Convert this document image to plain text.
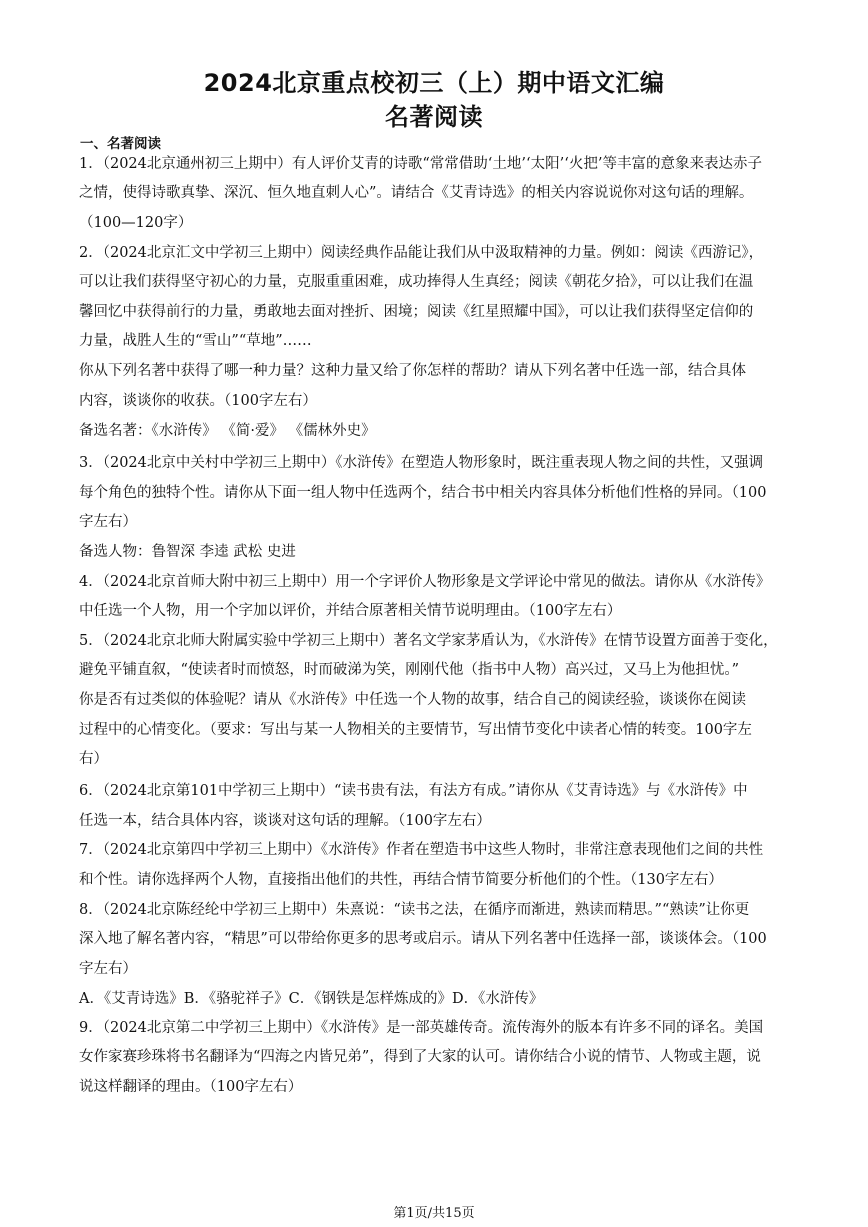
2024北京重点校初三（上）期中语文汇编
名著阅读
一、名著阅读
1．（2024北京通州初三上期中）有人评价艾青的诗歌“常常借助‘土地’‘太阳’‘火把’等丰富的意象来表达赤子
之情，使得诗歌真挚、深沉、恒久地直刺人心”。请结合《艾青诗选》的相关内容说说你对这句话的理解。
（100—120字）
2．（2024北京汇文中学初三上期中）阅读经典作品能让我们从中汲取精神的力量。例如：阅读《西游记》，
可以让我们获得坚守初心的力量，克服重重困难，成功捧得人生真经；阅读《朝花夕拾》，可以让我们在温
馨回忆中获得前行的力量，勇敢地去面对挫折、困境；阅读《红星照耀中国》，可以让我们获得坚定信仰的
力量，战胜人生的“雪山”“草地”……
你从下列名著中获得了哪一种力量？这种力量又给了你怎样的帮助？请从下列名著中任选一部，结合具体
内容，谈谈你的收获。（100字左右）
备选名著：《水浒传》 《简·爱》 《儒林外史》
3．（2024北京中关村中学初三上期中）《水浒传》在塑造人物形象时，既注重表现人物之间的共性，又强调
每个角色的独特个性。请你从下面一组人物中任选两个，结合书中相关内容具体分析他们性格的异同。（100
字左右）
备选人物：鲁智深 李逵 武松 史进
4．（2024北京首师大附中初三上期中）用一个字评价人物形象是文学评论中常见的做法。请你从《水浒传》
中任选一个人物，用一个字加以评价，并结合原著相关情节说明理由。（100字左右）
5．（2024北京北师大附属实验中学初三上期中）著名文学家茅盾认为，《水浒传》在情节设置方面善于变化，
避免平铺直叙，“使读者时而愤怒，时而破涕为笑，刚刚代他（指书中人物）高兴过，又马上为他担忧。”
你是否有过类似的体验呢？请从《水浒传》中任选一个人物的故事，结合自己的阅读经验，谈谈你在阅读
过程中的心情变化。（要求：写出与某一人物相关的主要情节，写出情节变化中读者心情的转变。100字左
右）
6．（2024北京第101中学初三上期中）“读书贵有法，有法方有成。”请你从《艾青诗选》与《水浒传》中
任选一本，结合具体内容，谈谈对这句话的理解。（100字左右）
7．（2024北京第四中学初三上期中）《水浒传》作者在塑造书中这些人物时，非常注意表现他们之间的共性
和个性。请你选择两个人物，直接指出他们的共性，再结合情节简要分析他们的个性。（130字左右）
8．（2024北京陈经纶中学初三上期中）朱熹说：“读书之法，在循序而渐进，熟读而精思。”“熟读”让你更
深入地了解名著内容，“精思”可以带给你更多的思考或启示。请从下列名著中任选择一部，谈谈体会。（100
字左右）
A．《艾青诗选》B．《骆驼祥子》C．《钢铁是怎样炼成的》D．《水浒传》
9．（2024北京第二中学初三上期中）《水浒传》是一部英雄传奇。流传海外的版本有许多不同的译名。美国
女作家赛珍珠将书名翻译为“四海之内皆兄弟”，得到了大家的认可。请你结合小说的情节、人物或主题，说
说这样翻译的理由。（100字左右）
第1页/共15页
